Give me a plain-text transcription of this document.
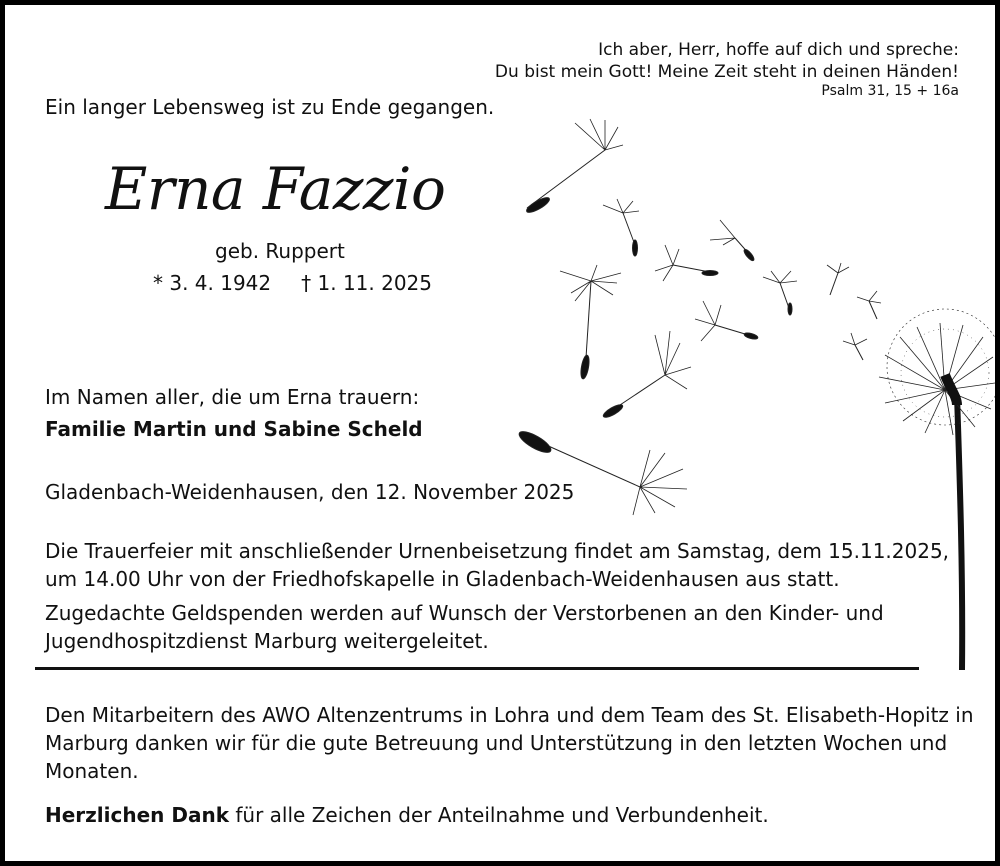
Ich aber, Herr, hoffe auf dich und spreche:
Du bist mein Gott! Meine Zeit steht in deinen Händen!
Psalm 31, 15 + 16a
Ein langer Lebensweg ist zu Ende gegangen.
Erna Fazzio
geb. Ruppert
* 3. 4. 1942 † 1. 11. 2025
Im Namen aller, die um Erna trauern:
Familie Martin und Sabine Scheld
Gladenbach-Weidenhausen, den 12. November 2025
Die Trauerfeier mit anschließender Urnenbeisetzung findet am Samstag, dem 15.11.2025,
um 14.00 Uhr von der Friedhofskapelle in Gladenbach-Weidenhausen aus statt.
Zugedachte Geldspenden werden auf Wunsch der Verstorbenen an den Kinder- und
Jugendhospitzdienst Marburg weitergeleitet.
Den Mitarbeitern des AWO Altenzentrums in Lohra und dem Team des St. Elisabeth-Hopitz in
Marburg danken wir für die gute Betreuung und Unterstützung in den letzten Wochen und
Monaten.
Herzlichen Dank für alle Zeichen der Anteilnahme und Verbundenheit.
